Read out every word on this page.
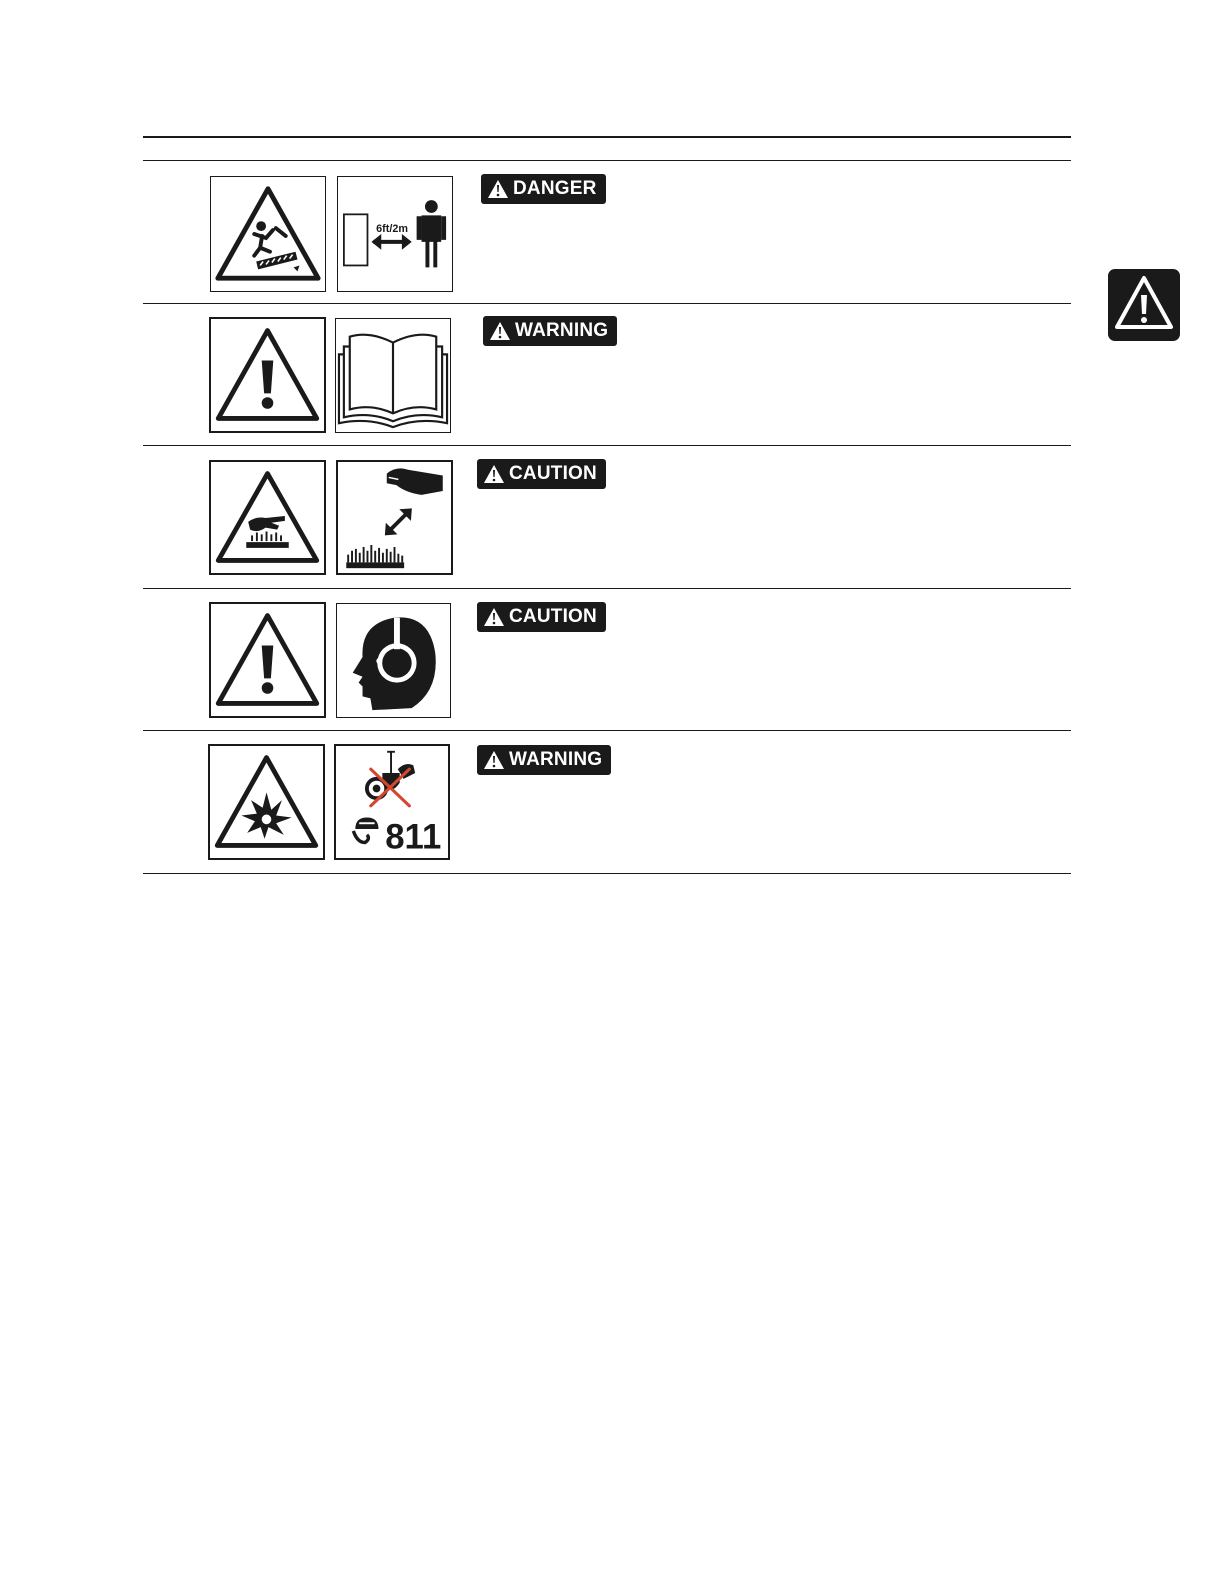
6ft/2m
DANGER
WARNING
CAUTION
CAUTION
811
WARNING
